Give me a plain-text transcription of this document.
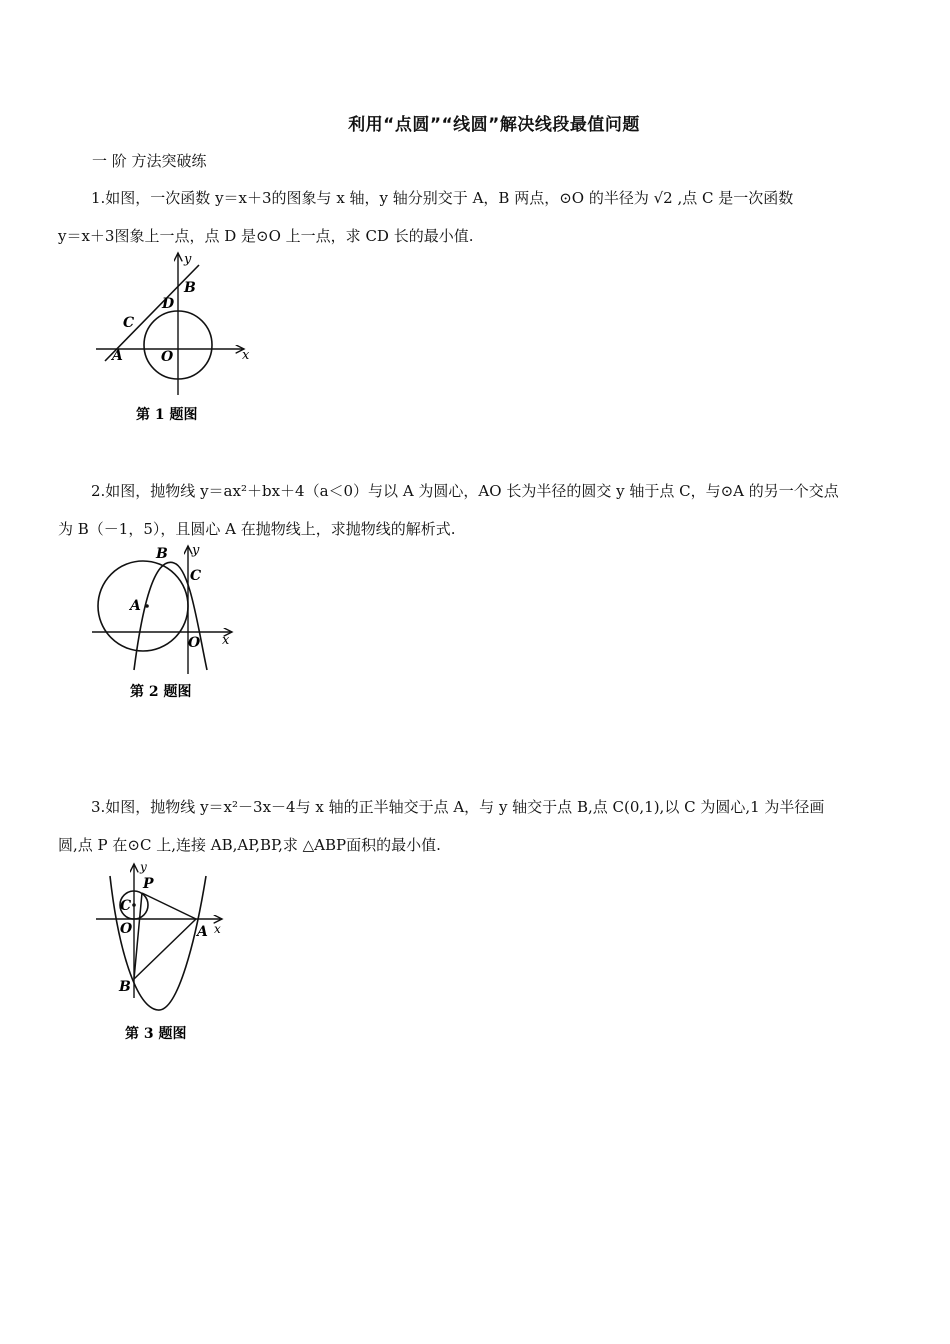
利用“点圆”“线圆”解决线段最值问题
一 阶 方法突破练
1.如图，一次函数 y＝x＋3的图象与 x 轴，y 轴分别交于 A，B 两点，⊙O 的半径为 √2 ,点 C 是一次函数
y＝x＋3图象上一点，点 D 是⊙O 上一点，求 CD 长的最小值.
y
x
B
D
C
A	O
第 1 题图
2.如图，抛物线 y＝ax²＋bx＋4（a＜0）与以 A 为圆心，AO 长为半径的圆交 y 轴于点 C，与⊙A 的另一个交点
为 B（－1，5），且圆心 A 在抛物线上，求抛物线的解析式.
B y
C
A
O x
第 2 题图
3.如图，抛物线 y＝x²－3x－4与 x 轴的正半轴交于点 A，与 y 轴交于点 B,点 C(0,1),以 C 为圆心,1 为半径画
圆,点 P 在⊙C 上,连接 AB,AP,BP,求 △ABP面积的最小值.
y
P
C
O	A x
B
第 3 题图
